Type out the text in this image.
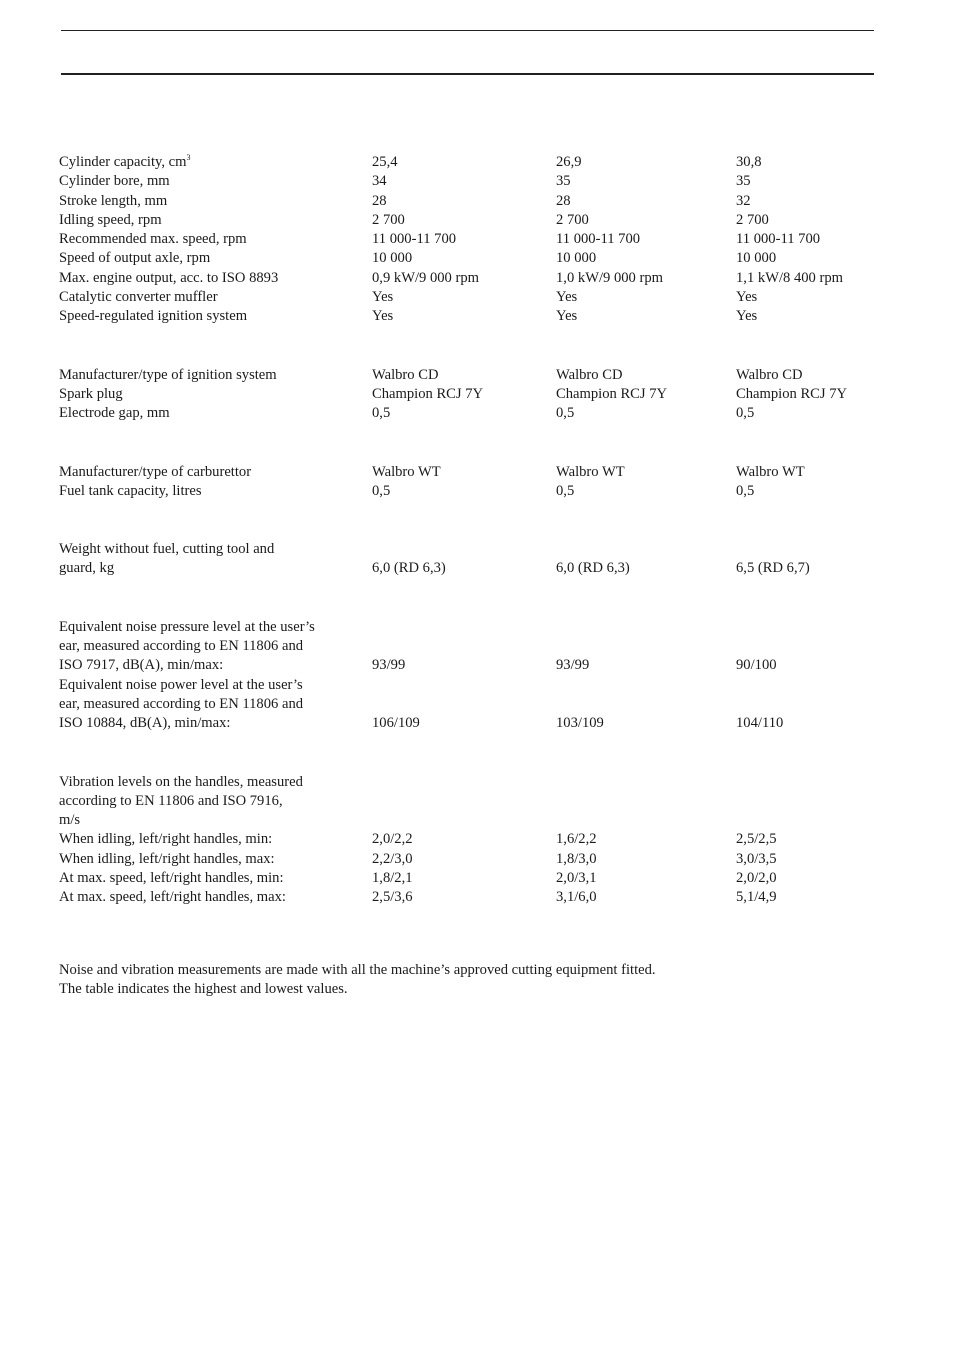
Cylinder capacity, $cm^3$	25,4	26,9	30,8
Cylinder bore, mm	34	35	35
Stroke length, mm	28	28	32
Idling speed, rpm	2 700	2 700	2 700
Recommended max. speed, rpm	11 000-11 700	11 000-11 700	11 000-11 700
Speed of output axle, rpm	10 000	10 000	10 000
Max. engine output, acc. to ISO 8893	0,9 kW/9 000 rpm	1,0 kW/9 000 rpm	1,1 kW/8 400 rpm
Catalytic converter muffler	Yes	Yes	Yes
Speed-regulated ignition system	Yes	Yes	Yes
Manufacturer/type of ignition system	Walbro CD	Walbro CD	Walbro CD
Spark plug	Champion RCJ 7Y	Champion RCJ 7Y	Champion RCJ 7Y
Electrode gap, mm	0,5	0,5	0,5
Manufacturer/type of carburettor	Walbro WT	Walbro WT	Walbro WT
Fuel tank capacity, litres	0,5	0,5	0,5
Weight without fuel, cutting tool and
guard, kg	6,0 (RD 6,3)	6,0 (RD 6,3)	6,5 (RD 6,7)
Equivalent noise pressure level at the user’s
ear, measured according to EN 11806 and
ISO 7917, dB(A), min/max:	93/99	93/99	90/100
Equivalent noise power level at the user’s
ear, measured according to EN 11806 and
ISO 10884, dB(A), min/max:	106/109	103/109	104/110
Vibration levels on the handles, measured
according to EN 11806 and ISO 7916,
m/s
When idling, left/right handles, min:	2,0/2,2	1,6/2,2	2,5/2,5
When idling, left/right handles, max:	2,2/3,0	1,8/3,0	3,0/3,5
At max. speed, left/right handles, min:	1,8/2,1	2,0/3,1	2,0/2,0
At max. speed, left/right handles, max:	2,5/3,6	3,1/6,0	5,1/4,9
Noise and vibration measurements are made with all the machine’s approved cutting equipment fitted.
The table indicates the highest and lowest values.
